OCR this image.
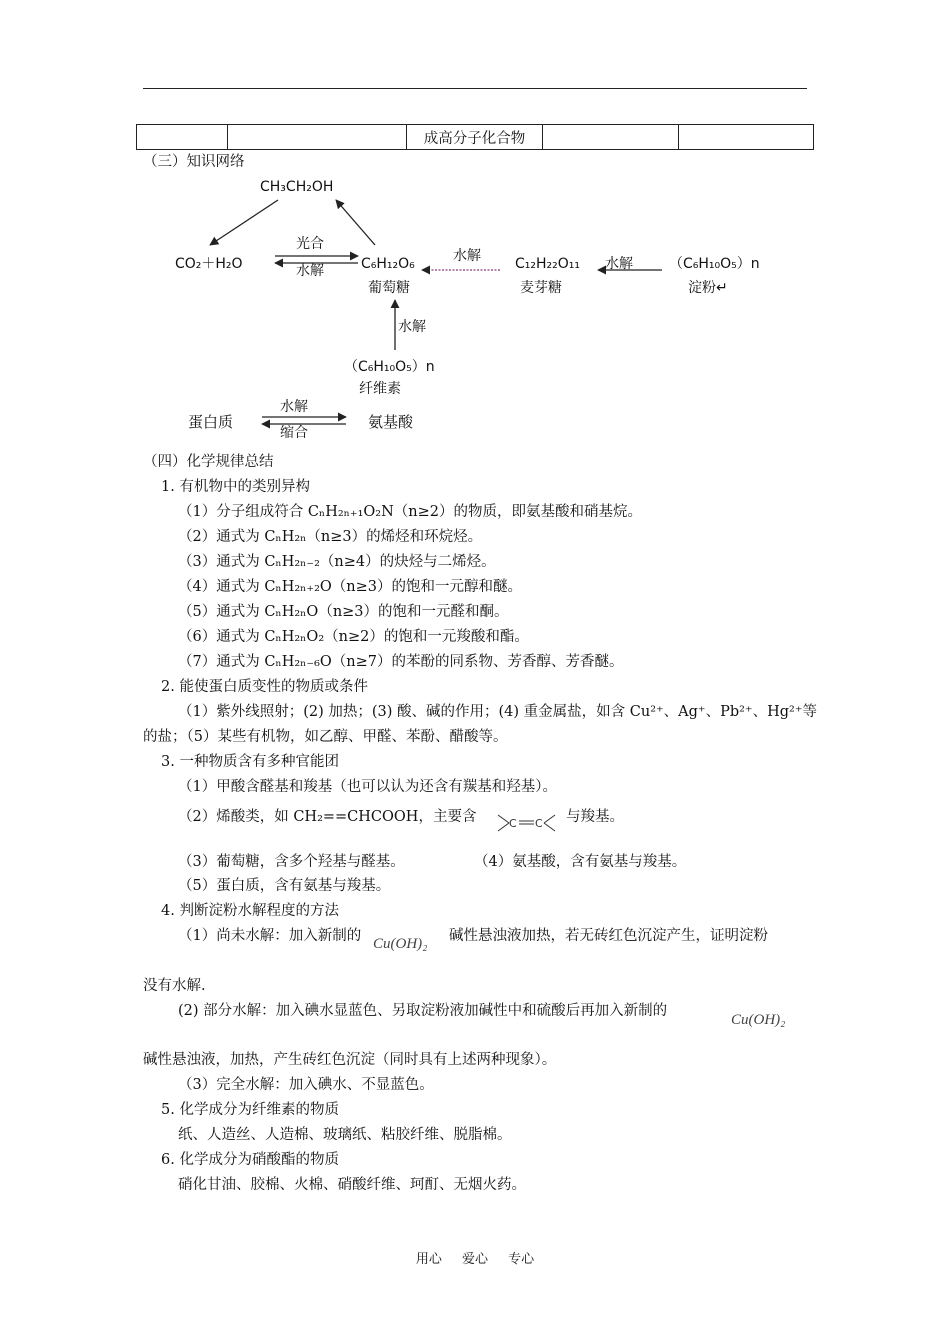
		成高分子化合物		
（三）知识网络
CH₃CH₂OH
CO₂＋H₂O
光合
水解	C₆H₁₂O₆
葡萄糖
水解 C₁₂H₂₂O₁₁
麦芽糖
水解	（C₆H₁₀O₅）n
淀粉↵
水解
（C₆H₁₀O₅）n
纤维素
蛋白质
水解
缩合
氨基酸
（四）化学规律总结
1. 有机物中的类别异构
（1）分子组成符合 CₙH₂ₙ₊₁O₂N（n≥2）的物质，即氨基酸和硝基烷。
（2）通式为 CₙH₂ₙ（n≥3）的烯烃和环烷烃。
（3）通式为 CₙH₂ₙ₋₂（n≥4）的炔烃与二烯烃。
（4）通式为 CₙH₂ₙ₊₂O（n≥3）的饱和一元醇和醚。
（5）通式为 CₙH₂ₙO（n≥3）的饱和一元醛和酮。
（6）通式为 CₙH₂ₙO₂（n≥2）的饱和一元羧酸和酯。
（7）通式为 CₙH₂ₙ₋₆O（n≥7）的苯酚的同系物、芳香醇、芳香醚。
2. 能使蛋白质变性的物质或条件
（1）紫外线照射；(2) 加热；(3) 酸、碱的作用；(4) 重金属盐，如含 Cu²⁺、Ag⁺、Pb²⁺、Hg²⁺等
的盐；（5）某些有机物，如乙醇、甲醛、苯酚、醋酸等。
3. 一种物质含有多种官能团
（1）甲酸含醛基和羧基（也可以认为还含有羰基和羟基）。
（2）烯酸类，如 CH₂==CHCOOH，主要含	C C 与羧基。
（3）葡萄糖，含多个羟基与醛基。	（4）氨基酸，含有氨基与羧基。
（5）蛋白质，含有氨基与羧基。
4. 判断淀粉水解程度的方法
（1）尚未水解：加入新制的 Cu(OH)₂ 碱性悬浊液加热，若无砖红色沉淀产生，证明淀粉
没有水解.
(2) 部分水解：加入碘水显蓝色、另取淀粉液加碱性中和硫酸后再加入新制的
Cu(OH)₂
碱性悬浊液，加热，产生砖红色沉淀（同时具有上述两种现象）。
（3）完全水解：加入碘水、不显蓝色。
5. 化学成分为纤维素的物质
纸、人造丝、人造棉、玻璃纸、粘胶纤维、脱脂棉。
6. 化学成分为硝酸酯的物质
硝化甘油、胶棉、火棉、硝酸纤维、珂酊、无烟火药。
用心 爱心 专心
